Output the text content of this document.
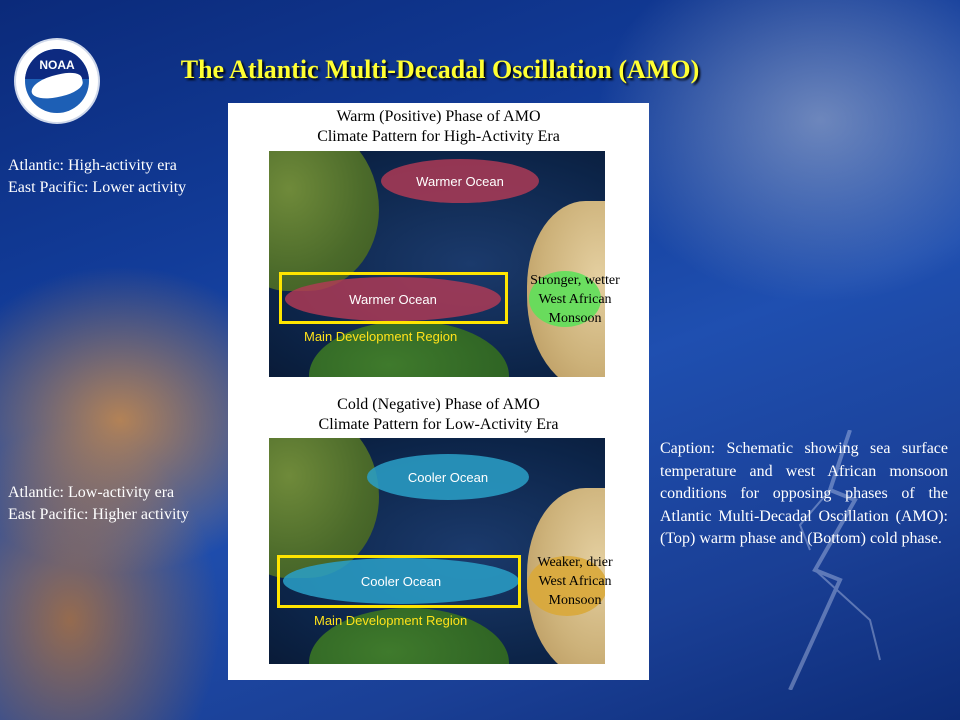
NOAA	The Atlantic Multi-Decadal Oscillation (AMO)
Atlantic: High-activity era
East Pacific: Lower activity
Atlantic: Low-activity era
East Pacific: Higher activity
Warm (Positive) Phase of AMO
Climate Pattern for High-Activity Era
Warmer Ocean
Warmer Ocean
Main Development Region
Stronger, wetter
West African
Monsoon
Cold (Negative) Phase of AMO
Climate Pattern for Low-Activity Era
Cooler Ocean
Cooler Ocean
Main Development Region
Weaker, drier
West African
Monsoon
Caption: Schematic showing sea surface temperature and west African monsoon conditions for opposing phases of the Atlantic Multi-Decadal Oscillation (AMO): (Top) warm phase and (Bottom) cold phase.
